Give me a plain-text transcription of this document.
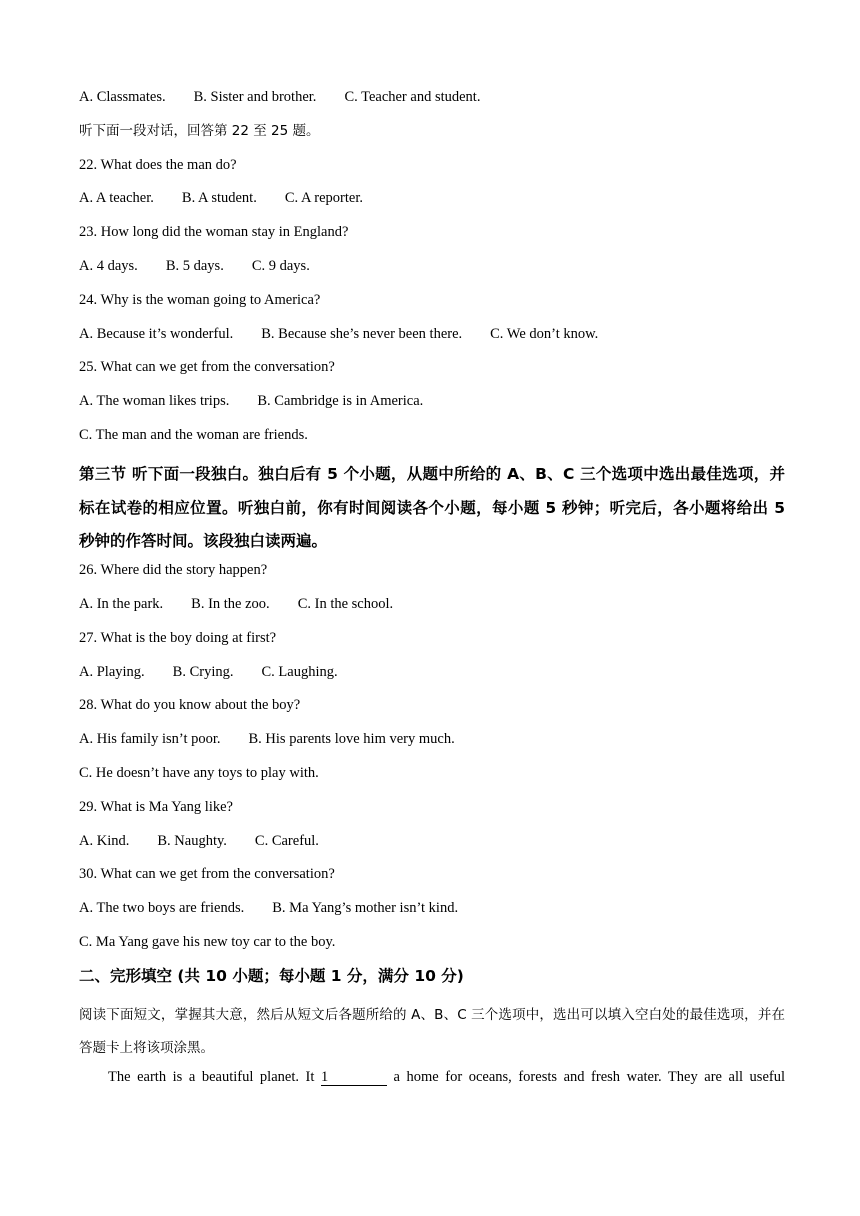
A. Classmates. B. Sister and brother. C. Teacher and student.
听下面一段对话，回答第 22 至 25 题。
22. What does the man do?
A. A teacher. B. A student. C. A reporter.
23. How long did the woman stay in England?
A. 4 days. B. 5 days. C. 9 days.
24. Why is the woman going to America?
A. Because it’s wonderful. B. Because she’s never been there. C. We don’t know.
25. What can we get from the conversation?
A. The woman likes trips. B. Cambridge is in America.
C. The man and the woman are friends.
第三节 听下面一段独白。独白后有 5 个小题，从题中所给的 A、B、C 三个选项中选出最佳选项，并标在试卷的相应位置。听独白前，你有时间阅读各个小题，每小题 5 秒钟；听完后，各小题将给出 5 秒钟的作答时间。该段独白读两遍。
26. Where did the story happen?
A. In the park. B. In the zoo. C. In the school.
27. What is the boy doing at first?
A. Playing. B. Crying. C. Laughing.
28. What do you know about the boy?
A. His family isn’t poor. B. His parents love him very much.
C. He doesn’t have any toys to play with.
29. What is Ma Yang like?
A. Kind. B. Naughty. C. Careful.
30. What can we get from the conversation?
A. The two boys are friends. B. Ma Yang’s mother isn’t kind.
C. Ma Yang gave his new toy car to the boy.
二、完形填空 (共 10 小题；每小题 1 分，满分 10 分)
阅读下面短文，掌握其大意，然后从短文后各题所给的 A、B、C 三个选项中，选出可以填入空白处的最佳选项，并在答题卡上将该项涂黑。
The earth is a beautiful planet. It 1	a home for oceans, forests and fresh water. They are all useful
